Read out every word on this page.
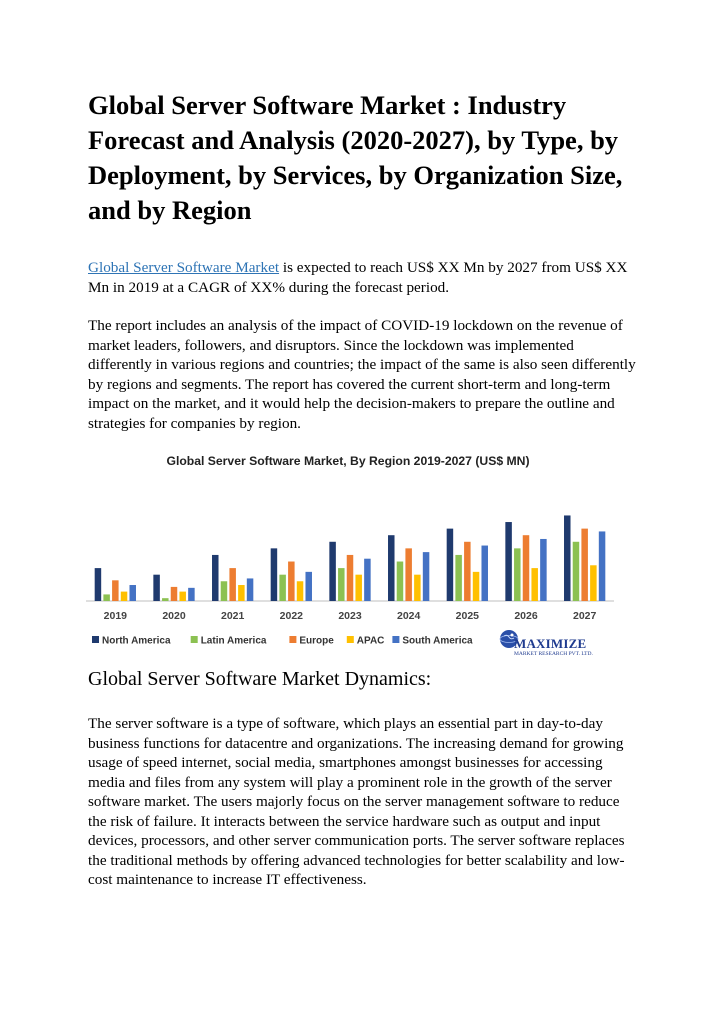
Global Server Software Market : Industry Forecast and Analysis (2020-2027), by Type, by Deployment, by Services, by Organization Size, and by Region

Global Server Software Market is expected to reach US$ XX Mn by 2027 from US$ XX Mn in 2019 at a CAGR of XX% during the forecast period.

The report includes an analysis of the impact of COVID-19 lockdown on the revenue of market leaders, followers, and disruptors. Since the lockdown was implemented differently in various regions and countries; the impact of the same is also seen differently by regions and segments. The report has covered the current short-term and long-term impact on the market, and it would help the decision-makers to prepare the outline and strategies for companies by region.

Global Server Software Market, By Region 2019-2027 (US$ MN)
2019	2020	2021	2022	2023	2024	2025	2026	2027
North America	Latin America	Europe APAC South America	MAXIMIZE
MARKET RESEARCH PVT. LTD.
Global Server Software Market Dynamics:

The server software is a type of software, which plays an essential part in day-to-day business functions for datacentre and organizations. The increasing demand for growing usage of speed internet, social media, smartphones amongst businesses for accessing media and files from any system will play a prominent role in the growth of the server software market. The users majorly focus on the server management software to reduce the risk of failure. It interacts between the service hardware such as output and input devices, processors, and other server communication ports. The server software replaces the traditional methods by offering advanced technologies for better scalability and low-cost maintenance to increase IT effectiveness.
